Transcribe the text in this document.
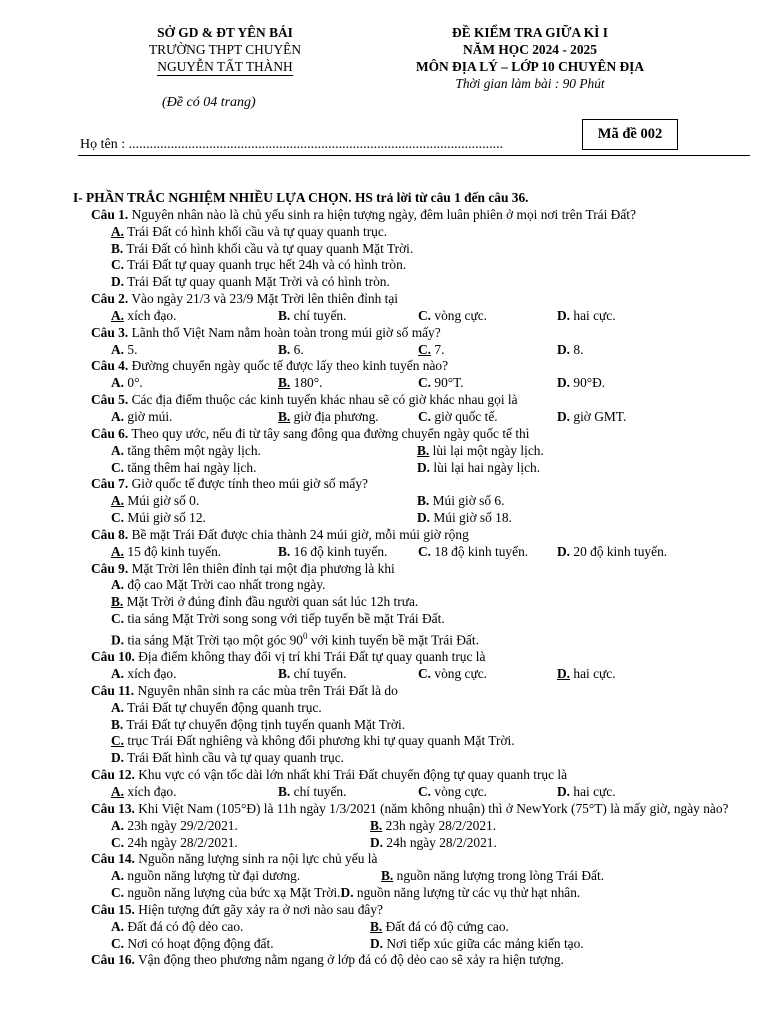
SỞ GD & ĐT YÊN BÁI
TRƯỜNG THPT CHUYÊN
NGUYỄN TẤT THÀNH
ĐỀ KIỂM TRA GIỮA KÌ I
NĂM HỌC 2024 - 2025
MÔN ĐỊA LÝ – LỚP 10 CHUYÊN ĐỊA
Thời gian làm bài : 90 Phút
(Đề có 04 trang)
Mã đề 002
Họ tên : ...........................................................................................................
I- PHẦN TRẮC NGHIỆM NHIỀU LỰA CHỌN. HS trả lời từ câu 1 đến câu 36.
Câu 1. Nguyên nhân nào là chủ yếu sinh ra hiện tượng ngày, đêm luân phiên ở mọi nơi trên Trái Đất?
A. Trái Đất có hình khối cầu và tự quay quanh trục.
B. Trái Đất có hình khối cầu và tự quay quanh Mặt Trời.
C. Trái Đất tự quay quanh trục hết 24h và có hình tròn.
D. Trái Đất tự quay quanh Mặt Trời và có hình tròn.
Câu 2. Vào ngày 21/3 và 23/9 Mặt Trời lên thiên đỉnh tại
A. xích đạo.	B. chí tuyến.	C. vòng cực.	D. hai cực.
Câu 3. Lãnh thổ Việt Nam nằm hoàn toàn trong múi giờ số mấy?
A. 5.	B. 6.	C. 7.	D. 8.
Câu 4. Đường chuyển ngày quốc tế được lấy theo kinh tuyến nào?
A. 0°.	B. 180°.	C. 90°T.	D. 90°Đ.
Câu 5. Các địa điểm thuộc các kinh tuyến khác nhau sẽ có giờ khác nhau gọi là
A. giờ múi.	B. giờ địa phương.	C. giờ quốc tế.	D. giờ GMT.
Câu 6. Theo quy ước, nếu đi từ tây sang đông qua đường chuyển ngày quốc tế thì
A. tăng thêm một ngày lịch.	B. lùi lại một ngày lịch.
C. tăng thêm hai ngày lịch.	D. lùi lại hai ngày lịch.
Câu 7. Giờ quốc tế được tính theo múi giờ số mấy?
A. Múi giờ số 0.	B. Múi giờ số 6.
C. Múi giờ số 12.	D. Múi giờ số 18.
Câu 8. Bề mặt Trái Đất được chia thành 24 múi giờ, mỗi múi giờ rộng
A. 15 độ kinh tuyến.	B. 16 độ kinh tuyến.	C. 18 độ kinh tuyến.	D. 20 độ kinh tuyến.
Câu 9. Mặt Trời lên thiên đỉnh tại một địa phương là khi
A. độ cao Mặt Trời cao nhất trong ngày.
B. Mặt Trời ở đúng đỉnh đầu người quan sát lúc 12h trưa.
C. tia sáng Mặt Trời song song với tiếp tuyến bề mặt Trái Đất.
D. tia sáng Mặt Trời tạo một góc $90^0$ với kinh tuyến bề mặt Trái Đất.
Câu 10. Địa điểm không thay đổi vị trí khi Trái Đất tự quay quanh trục là
A. xích đạo.	B. chí tuyến.	C. vòng cực.	D. hai cực.
Câu 11. Nguyên nhân sinh ra các mùa trên Trái Đất là do
A. Trái Đất tự chuyển động quanh trục.
B. Trái Đất tự chuyển động tịnh tuyến quanh Mặt Trời.
C. trục Trái Đất nghiêng và không đổi phương khi tự quay quanh Mặt Trời.
D. Trái Đất hình cầu và tự quay quanh trục.
Câu 12. Khu vực có vận tốc dài lớn nhất khi Trái Đất chuyển động tự quay quanh trục là
A. xích đạo.	B. chí tuyến.	C. vòng cực.	D. hai cực.
Câu 13. Khi Việt Nam (105°Đ) là 11h ngày 1/3/2021 (năm không nhuận) thì ở NewYork (75°T) là mấy giờ, ngày nào?
A. 23h ngày 29/2/2021.	B. 23h ngày 28/2/2021.
C. 24h ngày 28/2/2021.	D. 24h ngày 28/2/2021.
Câu 14. Nguồn năng lượng sinh ra nội lực chủ yếu là
A. nguồn năng lượng từ đại dương.	B. nguồn năng lượng trong lòng Trái Đất.
C. nguồn năng lượng của bức xạ Mặt Trời. D. nguồn năng lượng từ các vụ thử hạt nhân.
Câu 15. Hiện tượng đứt gãy xảy ra ở nơi nào sau đây?
A. Đất đá có độ dẻo cao.	B. Đất đá có độ cứng cao.
C. Nơi có hoạt động động đất.	D. Nơi tiếp xúc giữa các mảng kiến tạo.
Câu 16. Vận động theo phương nằm ngang ở lớp đá có độ dẻo cao sẽ xảy ra hiện tượng.
